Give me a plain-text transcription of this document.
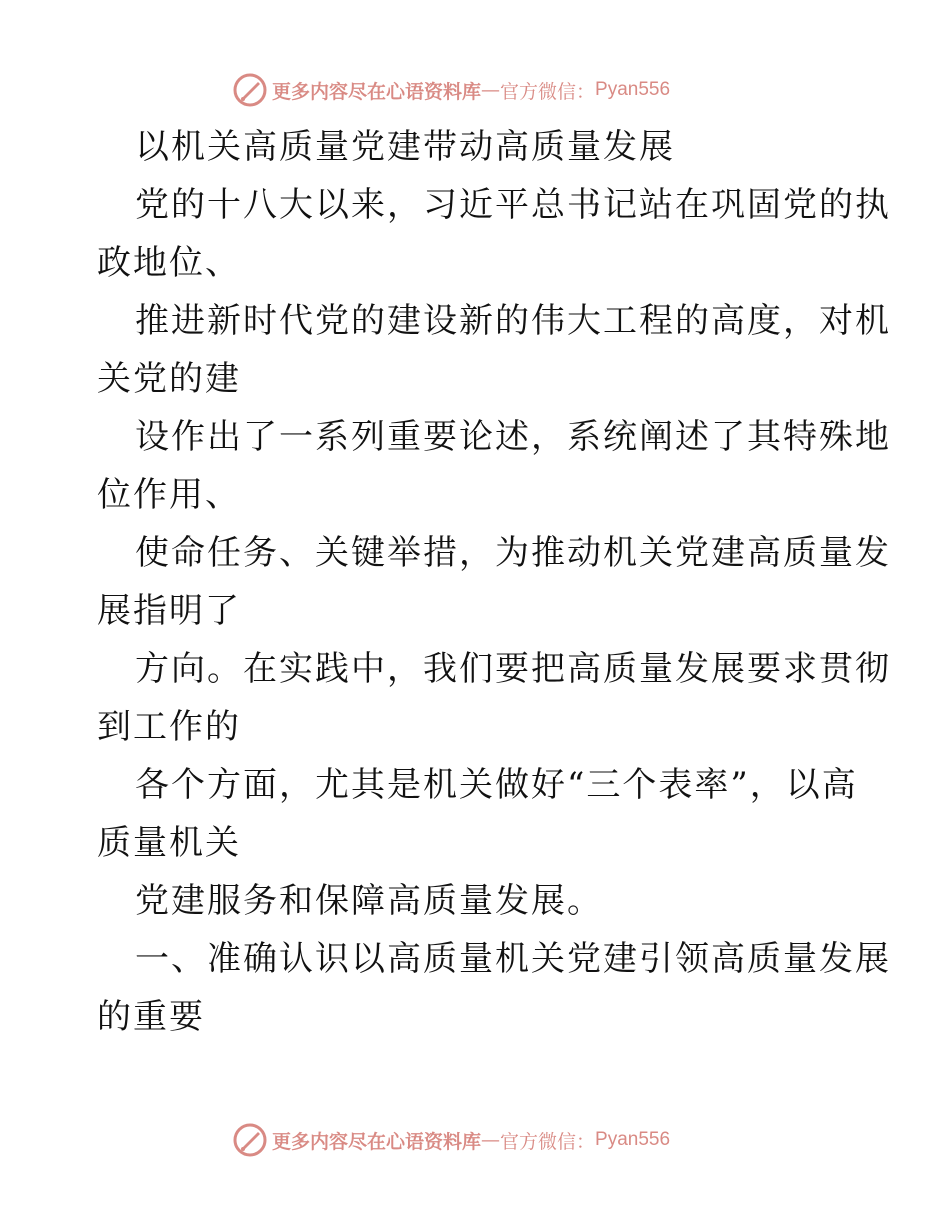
更多内容尽在心语资料库 — 官方微信： Pyan556
以机关高质量党建带动高质量发展
党的十八大以来，习近平总书记站在巩固党的执
政地位、
推进新时代党的建设新的伟大工程的高度，对机
关党的建
设作出了一系列重要论述，系统阐述了其特殊地
位作用、
使命任务、关键举措，为推动机关党建高质量发
展指明了
方向。在实践中，我们要把高质量发展要求贯彻
到工作的
各个方面，尤其是机关做好“三个表率”，以高
质量机关
党建服务和保障高质量发展。
一、准确认识以高质量机关党建引领高质量发展
的重要
更多内容尽在心语资料库 — 官方微信： Pyan556
